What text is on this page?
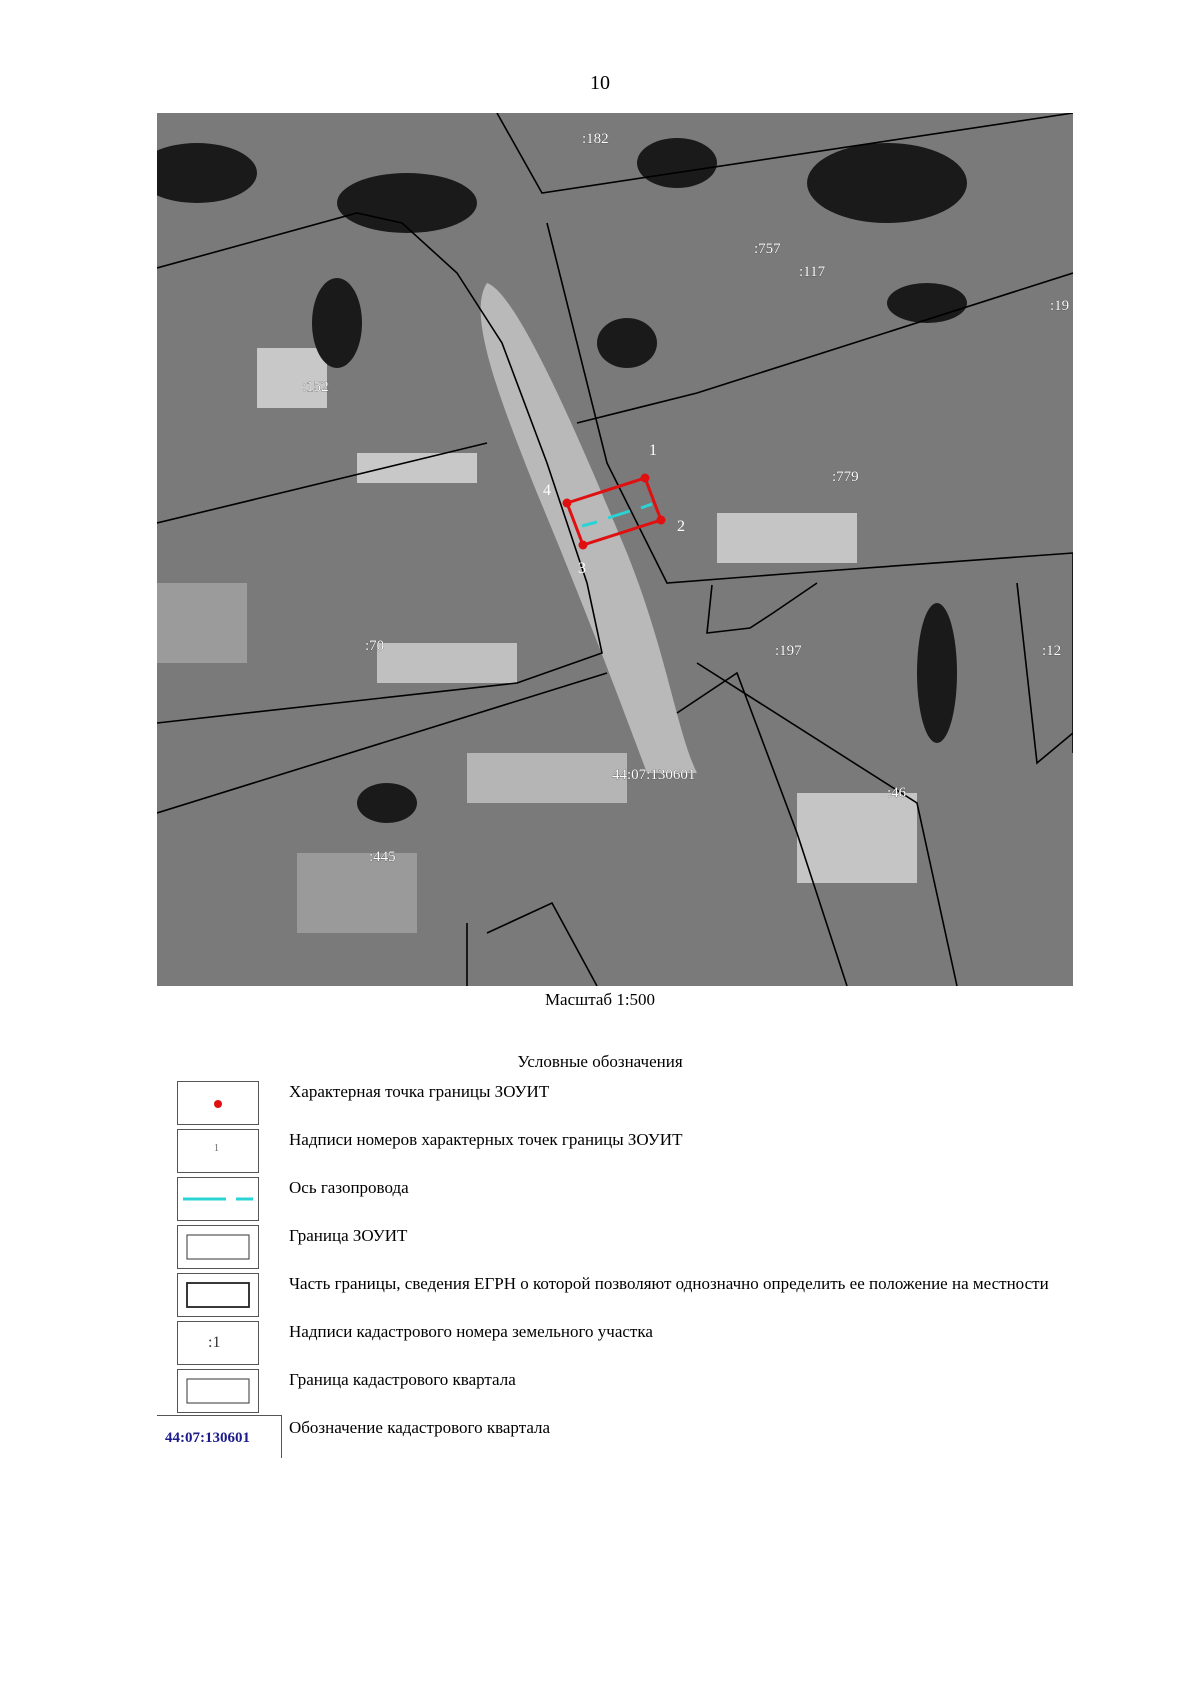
10
1
2
3
4
:182
:757
:117
:19
:152
:779
:70	:197	:12
44:07:130601
:46
:445
Масштаб 1:500
Условные обозначения
Характерная точка границы ЗОУИТ
1	Надписи номеров характерных точек границы ЗОУИТ
Ось газопровода
Граница ЗОУИТ
Часть границы, сведения ЕГРН о которой позволяют однозначно определить ее положение на местности
:1
Надписи кадастрового номера земельного участка
Граница кадастрового квартала
44:07:130601
Обозначение кадастрового квартала
